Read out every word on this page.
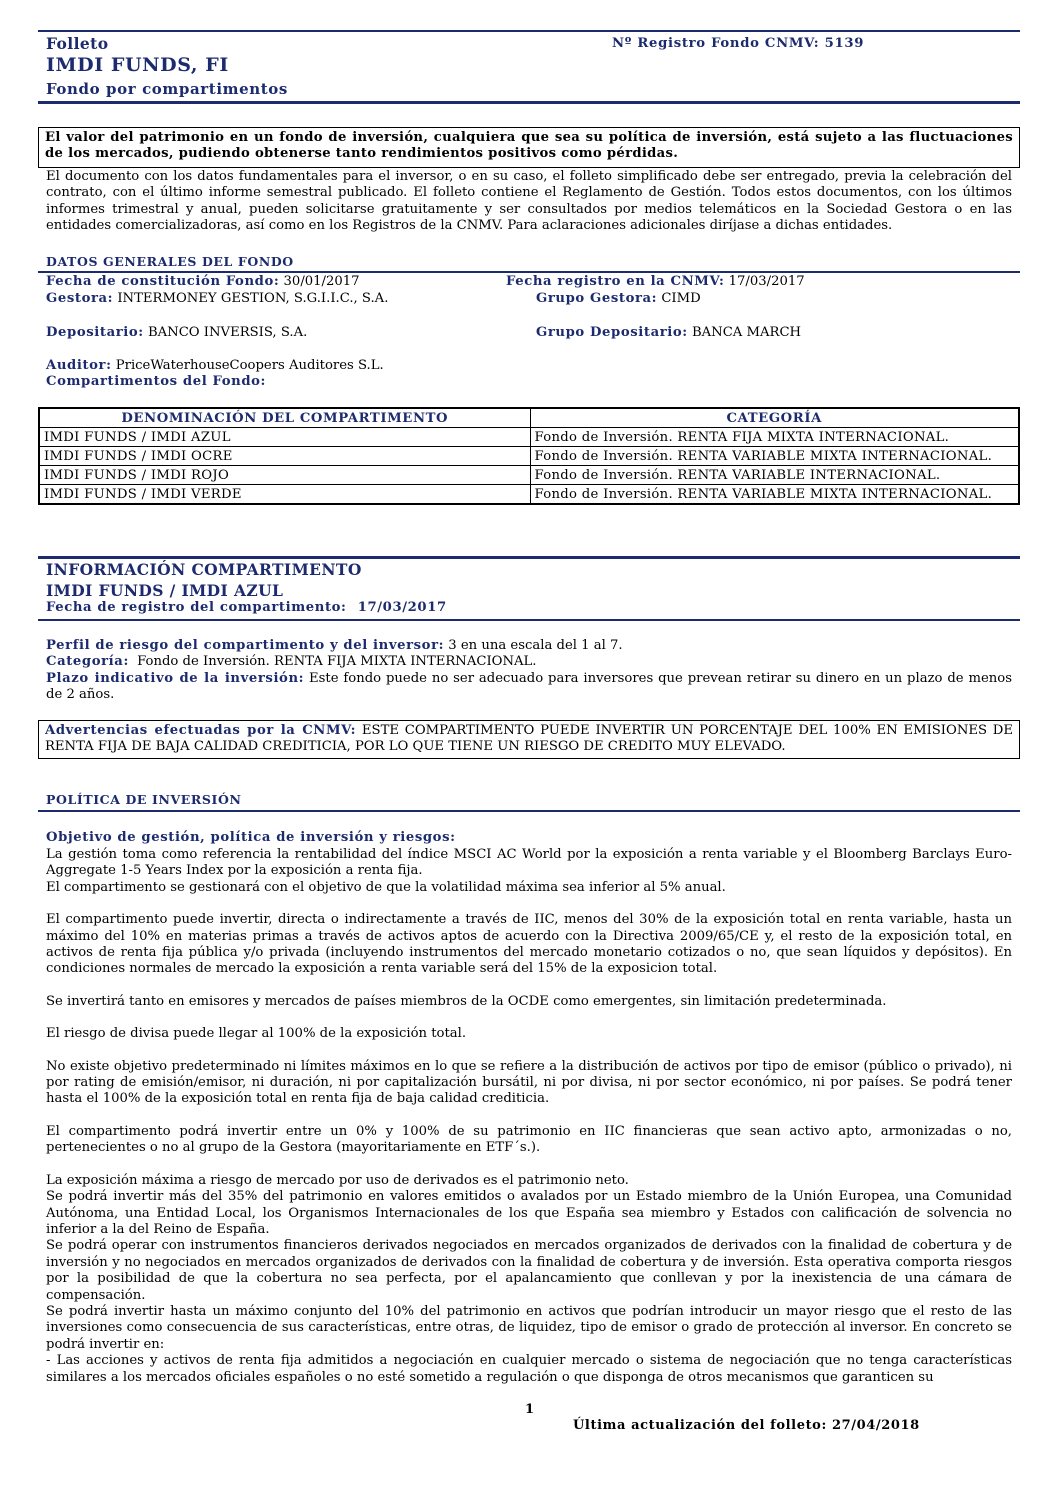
Folleto	Nº Registro Fondo CNMV: 5139
IMDI FUNDS, FI
Fondo por compartimentos

El valor del patrimonio en un fondo de inversión, cualquiera que sea su política de inversión, está sujeto a las fluctuaciones de los mercados, pudiendo obtenerse tanto rendimientos positivos como pérdidas.

El documento con los datos fundamentales para el inversor, o en su caso, el folleto simplificado debe ser entregado, previa la celebración del contrato, con el último informe semestral publicado. El folleto contiene el Reglamento de Gestión. Todos estos documentos, con los últimos informes trimestral y anual, pueden solicitarse gratuitamente y ser consultados por medios telemáticos en la Sociedad Gestora o en las entidades comercializadoras, así como en los Registros de la CNMV. Para aclaraciones adicionales diríjase a dichas entidades.

DATOS GENERALES DEL FONDO
Fecha de constitución Fondo: 30/01/2017	Fecha registro en la CNMV: 17/03/2017
Gestora: INTERMONEY GESTION, S.G.I.I.C., S.A.	Grupo Gestora: CIMD
Depositario: BANCO INVERSIS, S.A.	Grupo Depositario: BANCA MARCH
Auditor: PriceWaterhouseCoopers Auditores S.L.
Compartimentos del Fondo:
DENOMINACIÓN DEL COMPARTIMENTO	CATEGORÍA
IMDI FUNDS / IMDI AZUL	Fondo de Inversión. RENTA FIJA MIXTA INTERNACIONAL.
IMDI FUNDS / IMDI OCRE	Fondo de Inversión. RENTA VARIABLE MIXTA INTERNACIONAL.
IMDI FUNDS / IMDI ROJO	Fondo de Inversión. RENTA VARIABLE INTERNACIONAL.
IMDI FUNDS / IMDI VERDE	Fondo de Inversión. RENTA VARIABLE MIXTA INTERNACIONAL.
INFORMACIÓN COMPARTIMENTO
IMDI FUNDS / IMDI AZUL
Fecha de registro del compartimento: 17/03/2017

Perfil de riesgo del compartimento y del inversor: 3 en una escala del 1 al 7.

Categoría: Fondo de Inversión. RENTA FIJA MIXTA INTERNACIONAL.

Plazo indicativo de la inversión: Este fondo puede no ser adecuado para inversores que prevean retirar su dinero en un plazo de menos de 2 años.

Advertencias efectuadas por la CNMV: ESTE COMPARTIMENTO PUEDE INVERTIR UN PORCENTAJE DEL 100% EN EMISIONES DE RENTA FIJA DE BAJA CALIDAD CREDITICIA, POR LO QUE TIENE UN RIESGO DE CREDITO MUY ELEVADO.

POLÍTICA DE INVERSIÓN

Objetivo de gestión, política de inversión y riesgos:

La gestión toma como referencia la rentabilidad del índice MSCI AC World por la exposición a renta variable y el Bloomberg Barclays Euro-Aggregate 1-5 Years Index por la exposición a renta fija.

El compartimento se gestionará con el objetivo de que la volatilidad máxima sea inferior al 5% anual.

El compartimento puede invertir, directa o indirectamente a través de IIC, menos del 30% de la exposición total en renta variable, hasta un máximo del 10% en materias primas a través de activos aptos de acuerdo con la Directiva 2009/65/CE y, el resto de la exposición total, en activos de renta fija pública y/o privada (incluyendo instrumentos del mercado monetario cotizados o no, que sean líquidos y depósitos). En condiciones normales de mercado la exposición a renta variable será del 15% de la exposicion total.

Se invertirá tanto en emisores y mercados de países miembros de la OCDE como emergentes, sin limitación predeterminada.

El riesgo de divisa puede llegar al 100% de la exposición total.

No existe objetivo predeterminado ni límites máximos en lo que se refiere a la distribución de activos por tipo de emisor (público o privado), ni por rating de emisión/emisor, ni duración, ni por capitalización bursátil, ni por divisa, ni por sector económico, ni por países. Se podrá tener hasta el 100% de la exposición total en renta fija de baja calidad crediticia.

El compartimento podrá invertir entre un 0% y 100% de su patrimonio en IIC financieras que sean activo apto, armonizadas o no, pertenecientes o no al grupo de la Gestora (mayoritariamente en ETF´s.).

La exposición máxima a riesgo de mercado por uso de derivados es el patrimonio neto.

Se podrá invertir más del 35% del patrimonio en valores emitidos o avalados por un Estado miembro de la Unión Europea, una Comunidad Autónoma, una Entidad Local, los Organismos Internacionales de los que España sea miembro y Estados con calificación de solvencia no inferior a la del Reino de España.

Se podrá operar con instrumentos financieros derivados negociados en mercados organizados de derivados con la finalidad de cobertura y de inversión y no negociados en mercados organizados de derivados con la finalidad de cobertura y de inversión. Esta operativa comporta riesgos por la posibilidad de que la cobertura no sea perfecta, por el apalancamiento que conllevan y por la inexistencia de una cámara de compensación.

Se podrá invertir hasta un máximo conjunto del 10% del patrimonio en activos que podrían introducir un mayor riesgo que el resto de las inversiones como consecuencia de sus características, entre otras, de liquidez, tipo de emisor o grado de protección al inversor. En concreto se podrá invertir en:

- Las acciones y activos de renta fija admitidos a negociación en cualquier mercado o sistema de negociación que no tenga características similares a los mercados oficiales españoles o no esté sometido a regulación o que disponga de otros mecanismos que garanticen su

1
Última actualización del folleto: 27/04/2018
